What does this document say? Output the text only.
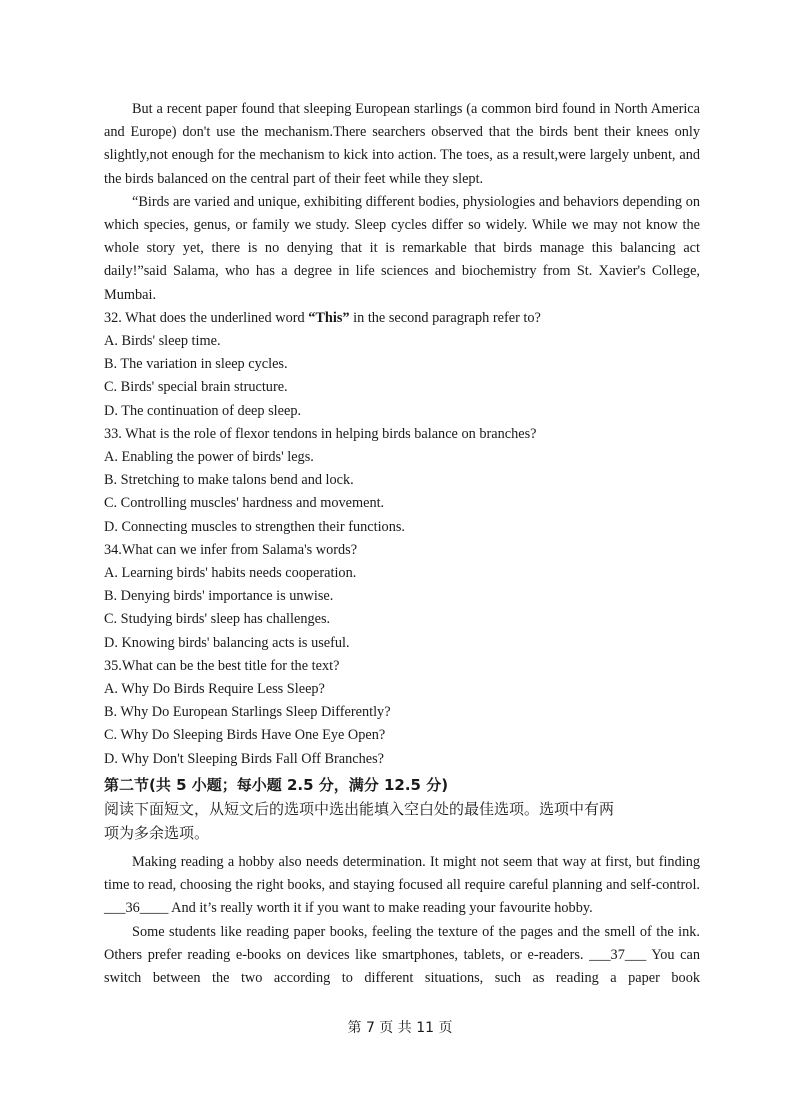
But a recent paper found that sleeping European starlings (a common bird found in North America and Europe) don't use the mechanism.There searchers observed that the birds bent their knees only slightly,not enough for the mechanism to kick into action. The toes, as a result,were largely unbent, and the birds balanced on the central part of their feet while they slept.

“Birds are varied and unique, exhibiting different bodies, physiologies and behaviors depending on which species, genus, or family we study. Sleep cycles differ so widely. While we may not know the whole story yet, there is no denying that it is remarkable that birds manage this balancing act daily!”said Salama, who has a degree in life sciences and biochemistry from St. Xavier's College, Mumbai.

32. What does the underlined word “This” in the second paragraph refer to?

A. Birds' sleep time.

B. The variation in sleep cycles.

C. Birds' special brain structure.

D. The continuation of deep sleep.

33. What is the role of flexor tendons in helping birds balance on branches?

A. Enabling the power of birds' legs.

B. Stretching to make talons bend and lock.

C. Controlling muscles' hardness and movement.

D. Connecting muscles to strengthen their functions.

34.What can we infer from Salama's words?

A. Learning birds' habits needs cooperation.

B. Denying birds' importance is unwise.

C. Studying birds' sleep has challenges.

D. Knowing birds' balancing acts is useful.

35.What can be the best title for the text?

A. Why Do Birds Require Less Sleep?

B. Why Do European Starlings Sleep Differently?

C. Why Do Sleeping Birds Have One Eye Open?

D. Why Don't Sleeping Birds Fall Off Branches?

第二节(共 5 小题；每小题 2.5 分，满分 12.5 分)

阅读下面短文，从短文后的选项中选出能填入空白处的最佳选项。选项中有两

项为多余选项。

Making reading a hobby also needs determination. It might not seem that way at first, but finding time to read, choosing the right books, and staying focused all require careful planning and self-control. ___36____ And it’s really worth it if you want to make reading your favourite hobby.

Some students like reading paper books, feeling the texture of the pages and the smell of the ink. Others prefer reading e-books on devices like smartphones, tablets, or e-readers. ___37___ You can switch between the two according to different situations, such as reading a paper book

第 7 页 共 11 页
